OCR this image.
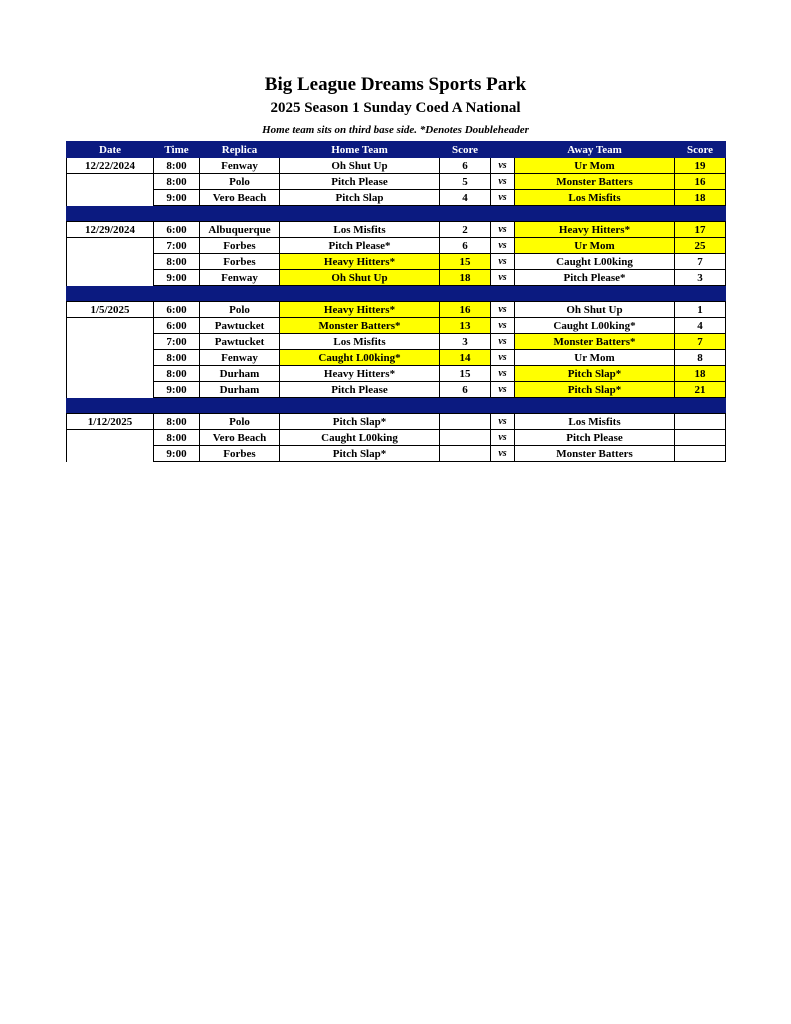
Big League Dreams Sports Park
2025 Season 1 Sunday Coed A National
Home team sits on third base side. *Denotes Doubleheader
Date	Time	Replica	Home Team	Score		Away Team	Score
12/22/2024	8:00	Fenway	Oh Shut Up	6	vs	Ur Mom	19
	8:00	Polo	Pitch Please	5	vs	Monster Batters	16
	9:00	Vero Beach	Pitch Slap	4	vs	Los Misfits	18

12/29/2024	6:00	Albuquerque	Los Misfits	2	vs	Heavy Hitters*	17
	7:00	Forbes	Pitch Please*	6	vs	Ur Mom	25
	8:00	Forbes	Heavy Hitters*	15	vs	Caught L00king	7
	9:00	Fenway	Oh Shut Up	18	vs	Pitch Please*	3

1/5/2025	6:00	Polo	Heavy Hitters*	16	vs	Oh Shut Up	1
	6:00	Pawtucket	Monster Batters*	13	vs	Caught L00king*	4
	7:00	Pawtucket	Los Misfits	3	vs	Monster Batters*	7
	8:00	Fenway	Caught L00king*	14	vs	Ur Mom	8
	8:00	Durham	Heavy Hitters*	15	vs	Pitch Slap*	18
	9:00	Durham	Pitch Please	6	vs	Pitch Slap*	21

1/12/2025	8:00	Polo	Pitch Slap*		vs	Los Misfits	
	8:00	Vero Beach	Caught L00king		vs	Pitch Please	
	9:00	Forbes	Pitch Slap*		vs	Monster Batters	
